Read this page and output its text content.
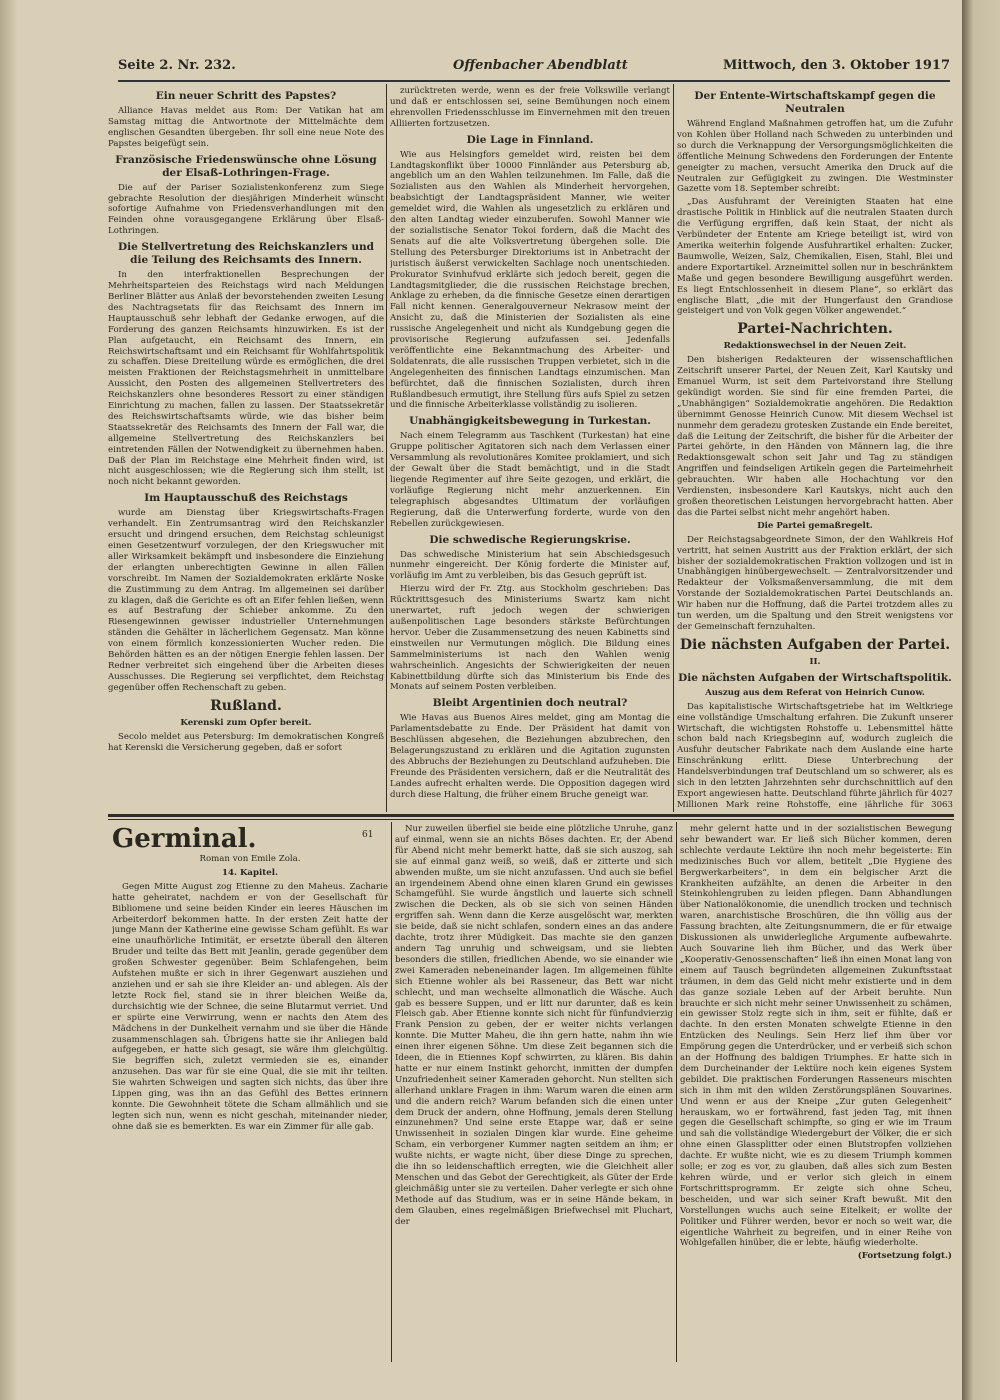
Seite 2. Nr. 232.	Offenbacher Abendblatt	Mittwoch, den 3. Oktober 1917
Ein neuer Schritt des Papstes?

Alliance Havas meldet aus Rom: Der Vatikan hat am Samstag mittag die Antwortnote der Mittelmächte dem englischen Gesandten übergeben. Ihr soll eine neue Note des Papstes beigefügt sein.

Französische Friedenswünsche ohne Lösung der Elsaß-Lothringen-Frage.

Die auf der Pariser Sozialistenkonferenz zum Siege gebrachte Resolution der diesjährigen Minderheit wünscht sofortige Aufnahme von Friedensverhandlungen mit den Feinden ohne vorausgegangene Erklärung über Elsaß-Lothringen.

Die Stellvertretung des Reichskanzlers und die Teilung des Reichsamts des Innern.

In den interfraktionellen Besprechungen der Mehrheitsparteien des Reichstags wird nach Meldungen Berliner Blätter aus Anlaß der bevorstehenden zweiten Lesung des Nachtragsetats für das Reichsamt des Innern im Hauptausschuß sehr lebhaft der Gedanke erwogen, auf die Forderung des ganzen Reichsamts hinzuwirken. Es ist der Plan aufgetaucht, ein Reichsamt des Innern, ein Reichswirtschaftsamt und ein Reichsamt für Wohlfahrtspolitik zu schaffen. Diese Dreiteilung würde es ermöglichen, die drei meisten Fraktionen der Reichstagsmehrheit in unmittelbare Aussicht, den Posten des allgemeinen Stellvertreters des Reichskanzlers ohne besonderes Ressort zu einer ständigen Einrichtung zu machen, fallen zu lassen. Der Staatssekretär des Reichswirtschaftsamts würde, wie das bisher beim Staatssekretär des Reichsamts des Innern der Fall war, die allgemeine Stellvertretung des Reichskanzlers bei eintretenden Fällen der Notwendigkeit zu übernehmen haben. Daß der Plan im Reichstage eine Mehrheit finden wird, ist nicht ausgeschlossen; wie die Regierung sich ihm stellt, ist noch nicht bekannt geworden.

Im Hauptausschuß des Reichstags

wurde am Dienstag über Kriegswirtschafts-Fragen verhandelt. Ein Zentrumsantrag wird den Reichskanzler ersucht und dringend ersuchen, dem Reichstag schleunigst einen Gesetzentwurf vorzulegen, der den Kriegswucher mit aller Wirksamkeit bekämpft und insbesondere die Einziehung der erlangten unberechtigten Gewinne in allen Fällen vorschreibt. Im Namen der Sozialdemokraten erklärte Noske die Zustimmung zu dem Antrag. Im allgemeinen sei darüber zu klagen, daß die Gerichte es oft an Eifer fehlen ließen, wenn es auf Bestrafung der Schieber ankomme. Zu den Riesengewinnen gewisser industrieller Unternehmungen ständen die Gehälter in lächerlichem Gegensatz. Man könne von einem förmlich konzessionierten Wucher reden. Die Behörden hätten es an der nötigen Energie fehlen lassen. Der Redner verbreitet sich eingehend über die Arbeiten dieses Ausschusses. Die Regierung sei verpflichtet, dem Reichstag gegenüber offen Rechenschaft zu geben.

Rußland.
Kerenski zum Opfer bereit.

Secolo meldet aus Petersburg: Im demokratischen Kongreß hat Kerenski die Versicherung gegeben, daß er sofort

zurücktreten werde, wenn es der freie Volkswille verlangt und daß er entschlossen sei, seine Bemühungen noch einem ehrenvollen Friedensschlusse im Einvernehmen mit den treuen Alliierten fortzusetzen.

Die Lage in Finnland.

Wie aus Helsingfors gemeldet wird, reisten bei dem Landtagskonflikt über 10000 Finnländer aus Petersburg ab, angeblich um an den Wahlen teilzunehmen. Im Falle, daß die Sozialisten aus den Wahlen als Minderheit hervorgehen, beabsichtigt der Landtagspräsident Manner, wie weiter gemeldet wird, die Wahlen als ungesetzlich zu erklären und den alten Landtag wieder einzuberufen. Sowohl Manner wie der sozialistische Senator Tokoi fordern, daß die Macht des Senats auf die alte Volksvertretung übergehen solle. Die Stellung des Petersburger Direktoriums ist in Anbetracht der juristisch äußerst verwickelten Sachlage noch unentschieden. Prokurator Svinhufvud erklärte sich jedoch bereit, gegen die Landtagsmitglieder, die die russischen Reichstage brechen, Anklage zu erheben, da die finnische Gesetze einen derartigen Fall nicht kennen. Generalgouverneur Nekrasow meint der Ansicht zu, daß die Ministerien der Sozialisten als eine russische Angelegenheit und nicht als Kundgebung gegen die provisorische Regierung aufzufassen sei. Jedenfalls veröffentlichte eine Bekanntmachung des Arbeiter- und Soldatenrats, die alle russischen Truppen verbietet, sich in die Angelegenheiten des finnischen Landtags einzumischen. Man befürchtet, daß die finnischen Sozialisten, durch ihren Rußlandbesuch ermutigt, ihre Stellung fürs aufs Spiel zu setzen und die finnische Arbeiterklasse vollständig zu isolieren.

Unabhängigkeitsbewegung in Turkestan.

Nach einem Telegramm aus Taschkent (Turkestan) hat eine Gruppe politischer Agitatoren sich nach dem Verlassen einer Versammlung als revolutionäres Komitee proklamiert, und sich der Gewalt über die Stadt bemächtigt, und in die Stadt liegende Regimenter auf ihre Seite gezogen, und erklärt, die vorläufige Regierung nicht mehr anzuerkennen. Ein telegraphisch abgesandtes Ultimatum der vorläufigen Regierung, daß die Unterwerfung forderte, wurde von den Rebellen zurückgewiesen.

Die schwedische Regierungskrise.

Das schwedische Ministerium hat sein Abschiedsgesuch nunmehr eingereicht. Der König forderte die Minister auf, vorläufig im Amt zu verbleiben, bis das Gesuch geprüft ist.

Hierzu wird der Fr. Ztg. aus Stockholm geschrieben: Das Rücktrittsgesuch des Ministeriums Swartz kam nicht unerwartet, ruft jedoch wegen der schwierigen außenpolitischen Lage besonders stärkste Befürchtungen hervor. Ueber die Zusammensetzung des neuen Kabinetts sind einstweilen nur Vermutungen möglich. Die Bildung eines Sammelministeriums ist nach den Wahlen wenig wahrscheinlich. Angesichts der Schwierigkeiten der neuen Kabinettbildung dürfte sich das Ministerium bis Ende des Monats auf seinem Posten verbleiben.

Bleibt Argentinien doch neutral?

Wie Havas aus Buenos Aires meldet, ging am Montag die Parlamentsdebatte zu Ende. Der Präsident hat damit von Beschlüssen abgesehen, die Beziehungen abzubrechen, den Belagerungszustand zu erklären und die Agitation zugunsten des Abbruchs der Beziehungen zu Deutschland aufzuheben. Die Freunde des Präsidenten versichern, daß er die Neutralität des Landes aufrecht erhalten werde. Die Opposition dagegen wird durch diese Haltung, die früher einem Bruche geneigt war.

Der Entente-Wirtschaftskampf gegen die Neutralen

Während England Maßnahmen getroffen hat, um die Zufuhr von Kohlen über Holland nach Schweden zu unterbinden und so durch die Verknappung der Versorgungsmöglichkeiten die öffentliche Meinung Schwedens den Forderungen der Entente geneigter zu machen, versucht Amerika den Druck auf die Neutralen zur Gefügigkeit zu zwingen. Die Westminster Gazette vom 18. September schreibt:

„Das Ausfuhramt der Vereinigten Staaten hat eine drastische Politik in Hinblick auf die neutralen Staaten durch die Verfügung ergriffen, daß kein Staat, der nicht als Verbündeter der Entente am Kriege beteiligt ist, wird von Amerika weiterhin folgende Ausfuhrartikel erhalten: Zucker, Baumwolle, Weizen, Salz, Chemikalien, Eisen, Stahl, Blei und andere Exportartikel. Arzneimittel sollen nur in beschränktem Maße und gegen besondere Bewilligung ausgeführt werden. Es liegt Entschlossenheit in diesem Plane“, so erklärt das englische Blatt, „die mit der Hungerfaust den Grandiose geisteigert und von Volk gegen Völker angewendet.“

Partei-Nachrichten.
Redaktionswechsel in der Neuen Zeit.

Den bisherigen Redakteuren der wissenschaftlichen Zeitschrift unserer Partei, der Neuen Zeit, Karl Kautsky und Emanuel Wurm, ist seit dem Parteivorstand ihre Stellung gekündigt worden. Sie sind für eine fremden Partei, die „Unabhängigen“ Sozialdemokratie angehören. Die Redaktion übernimmt Genosse Heinrich Cunow. Mit diesem Wechsel ist nunmehr dem geradezu grotesken Zustande ein Ende bereitet, daß die Leitung der Zeitschrift, die bisher für die Arbeiter der Partei gehörte, in den Händen von Männern lag, die ihre Redaktionsgewalt schon seit Jahr und Tag zu ständigen Angriffen und feindseligen Artikeln gegen die Parteimehrheit gebrauchten. Wir haben alle Hochachtung vor den Verdiensten, insbesondere Karl Kautskys, nicht auch den großen theoretischen Leistungen hervorgebracht hatten. Aber das die Partei selbst nicht mehr angehört haben.

Die Partei gemaßregelt.

Der Reichstagsabgeordnete Simon, der den Wahlkreis Hof vertritt, hat seinen Austritt aus der Fraktion erklärt, der sich bisher der sozialdemokratischen Fraktion vollzogen und ist in Unabhängigen hinübergewechselt. — Zentralvorsitzender und Redakteur der Volksmaßenversammlung, die mit dem Vorstande der Sozialdemokratischen Partei Deutschlands an. Wir haben nur die Hoffnung, daß die Partei trotzdem alles zu tun werden, um die Spaltung und den Streit wenigstens vor der Gemeinschaft fernzuhalten.

Die nächsten Aufgaben der Partei.
II.
Die nächsten Aufgaben der Wirtschaftspolitik.
Auszug aus dem Referat von Heinrich Cunow.

Das kapitalistische Wirtschaftsgetriebe hat im Weltkriege eine vollständige Umschaltung erfahren. Die Zukunft unserer Wirtschaft, die wichtigsten Rohstoffe u. Lebensmittel hätte schon bald nach Kriegsbeginn auf, wodurch zugleich die Ausfuhr deutscher Fabrikate nach dem Auslande eine harte Einschränkung erlitt. Diese Unterbrechung der Handelsverbindungen traf Deutschland um so schwerer, als es sich in den letzten Jahrzehnten sehr durchschnittlich auf den Export angewiesen hatte. Deutschland führte jährlich für 4027 Millionen Mark reine Rohstoffe, eine jährliche für 3063

Germinal.
Roman von Emile Zola.
14. Kapitel.

Gegen Mitte August zog Etienne zu den Maheus. Zacharie hatte geheiratet, nachdem er von der Gesellschaft für Bibliomene und seine beiden Kinder ein leeres Häuschen im Arbeiterdorf bekommen hatte. In der ersten Zeit hatte der junge Mann der Katherine eine gewisse Scham gefühlt. Es war eine unaufhörliche Intimität, er ersetzte überall den älteren Bruder und teilte das Bett mit Jeanlin, gerade gegenüber dem großen Schwester gegenüber. Beim Schlafengehen, beim Aufstehen mußte er sich in ihrer Gegenwart ausziehen und anziehen und er sah sie ihre Kleider an- und ablegen. Als der letzte Rock fiel, stand sie in ihrer bleichen Weiße da, durchsichtig wie der Schnee, die seine Blutarmut verriet. Und er spürte eine Verwirrung, wenn er nachts den Atem des Mädchens in der Dunkelheit vernahm und sie über die Hände zusammenschlagen sah. Übrigens hatte sie ihr Anliegen bald aufgegeben, er hatte sich gesagt, sie wäre ihm gleichgültig. Sie begriffen sich, zuletzt vermieden sie es, einander anzusehen. Das war für sie eine Qual, die sie mit ihr teilten. Sie wahrten Schweigen und sagten sich nichts, das über ihre Lippen ging, was ihn an das Gefühl des Bettes erinnern konnte. Die Gewohnheit tötete die Scham allmählich und sie legten sich nun, wenn es nicht geschah, miteinander nieder, ohne daß sie es bemerkten. Es war ein Zimmer für alle gab.

61

Nur zuweilen überfiel sie beide eine plötzliche Unruhe, ganz auf einmal, wenn sie an nichts Böses dachten. Er, der Abend für Abend nicht mehr bemerkt hatte, daß sie sich auszog, sah sie auf einmal ganz weiß, so weiß, daß er zitterte und sich abwenden mußte, um sie nicht anzufassen. Und auch sie befiel an irgendeinem Abend ohne einen klaren Grund ein gewisses Schamgefühl. Sie wurde ängstlich und lauerte sich schnell zwischen die Decken, als ob sie sich von seinen Händen ergriffen sah. Wenn dann die Kerze ausgelöscht war, merkten sie beide, daß sie nicht schlafen, sondern eines an das andere dachte, trotz ihrer Müdigkeit. Das machte sie den ganzen andern Tag unruhig und schweigsam, und sie liebten besonders die stillen, friedlichen Abende, wo sie einander wie zwei Kameraden nebeneinander lagen. Im allgemeinen fühlte sich Etienne wohler als bei Rasseneur, das Bett war nicht schlecht, und man wechselte allmonatlich die Wäsche. Auch gab es bessere Suppen, und er litt nur darunter, daß es kein Fleisch gab. Aber Etienne konnte sich nicht für fünfundvierzig Frank Pension zu geben, der er weiter nichts verlangen konnte. Die Mutter Maheu, die ihn gern hatte, nahm ihn wie einen ihrer eigenen Söhne. Um diese Zeit begannen sich die Ideen, die in Etiennes Kopf schwirrten, zu klären. Bis dahin hatte er nur einem Instinkt gehorcht, inmitten der dumpfen Unzufriedenheit seiner Kameraden gehorcht. Nun stellten sich allerhand unklare Fragen in ihm: Warum waren die einen arm und die andern reich? Warum befanden sich die einen unter dem Druck der andern, ohne Hoffnung, jemals deren Stellung einzunehmen? Und seine erste Etappe war, daß er seine Unwissenheit in sozialen Dingen klar wurde. Eine geheime Scham, ein verborgener Kummer nagten seitdem an ihm; er wußte nichts, er wagte nicht, über diese Dinge zu sprechen, die ihn so leidenschaftlich erregten, wie die Gleichheit aller Menschen und das Gebot der Gerechtigkeit, als Güter der Erde gleichmäßig unter sie zu verteilen. Daher verlegte er sich ohne Methode auf das Studium, was er in seine Hände bekam, in dem Glauben, eines regelmäßigen Briefwechsel mit Pluchart, der

mehr gelernt hatte und in der sozialistischen Bewegung sehr bewandert war. Er ließ sich Bücher kommen, deren schlechte verdaute Lektüre ihn noch mehr begeisterte: Ein medizinisches Buch vor allem, betitelt „Die Hygiene des Bergwerkarbeiters“, in dem ein belgischer Arzt die Krankheiten aufzählte, an denen die Arbeiter in den Steinkohlengruben zu leiden pflegen. Dann Abhandlungen über Nationalökonomie, die unendlich trocken und technisch waren, anarchistische Broschüren, die ihn völlig aus der Fassung brachten, alte Zeitungsnummern, die er für etwaige Diskussionen als unwiderlegliche Argumente aufbewahrte. Auch Souvarine lieh ihm Bücher, und das Werk über „Kooperativ-Genossenschaften“ ließ ihn einen Monat lang von einem auf Tausch begründeten allgemeinen Zukunftsstaat träumen, in dem das Geld nicht mehr existierte und in dem das ganze soziale Leben auf der Arbeit beruhte. Nun brauchte er sich nicht mehr seiner Unwissenheit zu schämen, ein gewisser Stolz regte sich in ihm, seit er fühlte, daß er dachte. In den ersten Monaten schwelgte Etienne in den Entzücken des Neulings. Sein Herz lief ihm über vor Empörung gegen die Unterdrücker, und er verbeiß sich schon an der Hoffnung des baldigen Triumphes. Er hatte sich in dem Durcheinander der Lektüre noch kein eigenes System gebildet. Die praktischen Forderungen Rasseneurs mischten sich in ihm mit den wilden Zerstörungsplänen Souvarines. Und wenn er aus der Kneipe „Zur guten Gelegenheit“ herauskam, wo er fortwährend, fast jeden Tag, mit ihnen gegen die Gesellschaft schimpfte, so ging er wie im Traum und sah die vollständige Wiedergeburt der Völker, die er sich ohne einen Glassplitter oder einen Blutstropfen vollziehen dachte. Er wußte nicht, wie es zu diesem Triumph kommen solle; er zog es vor, zu glauben, daß alles sich zum Besten kehren würde, und er verlor sich gleich in einem Fortschrittsprogramm. Er zeigte sich ohne Scheu, bescheiden, und war sich seiner Kraft bewußt. Mit den Vorstellungen wuchs auch seine Eitelkeit; er wollte der Politiker und Führer werden, bevor er noch so weit war, die eigentliche Wahrheit zu begreifen, und in einer Reihe von Wohlgefallen hinüber, die er lebte, häufig wiederholte.

(Fortsetzung folgt.)
